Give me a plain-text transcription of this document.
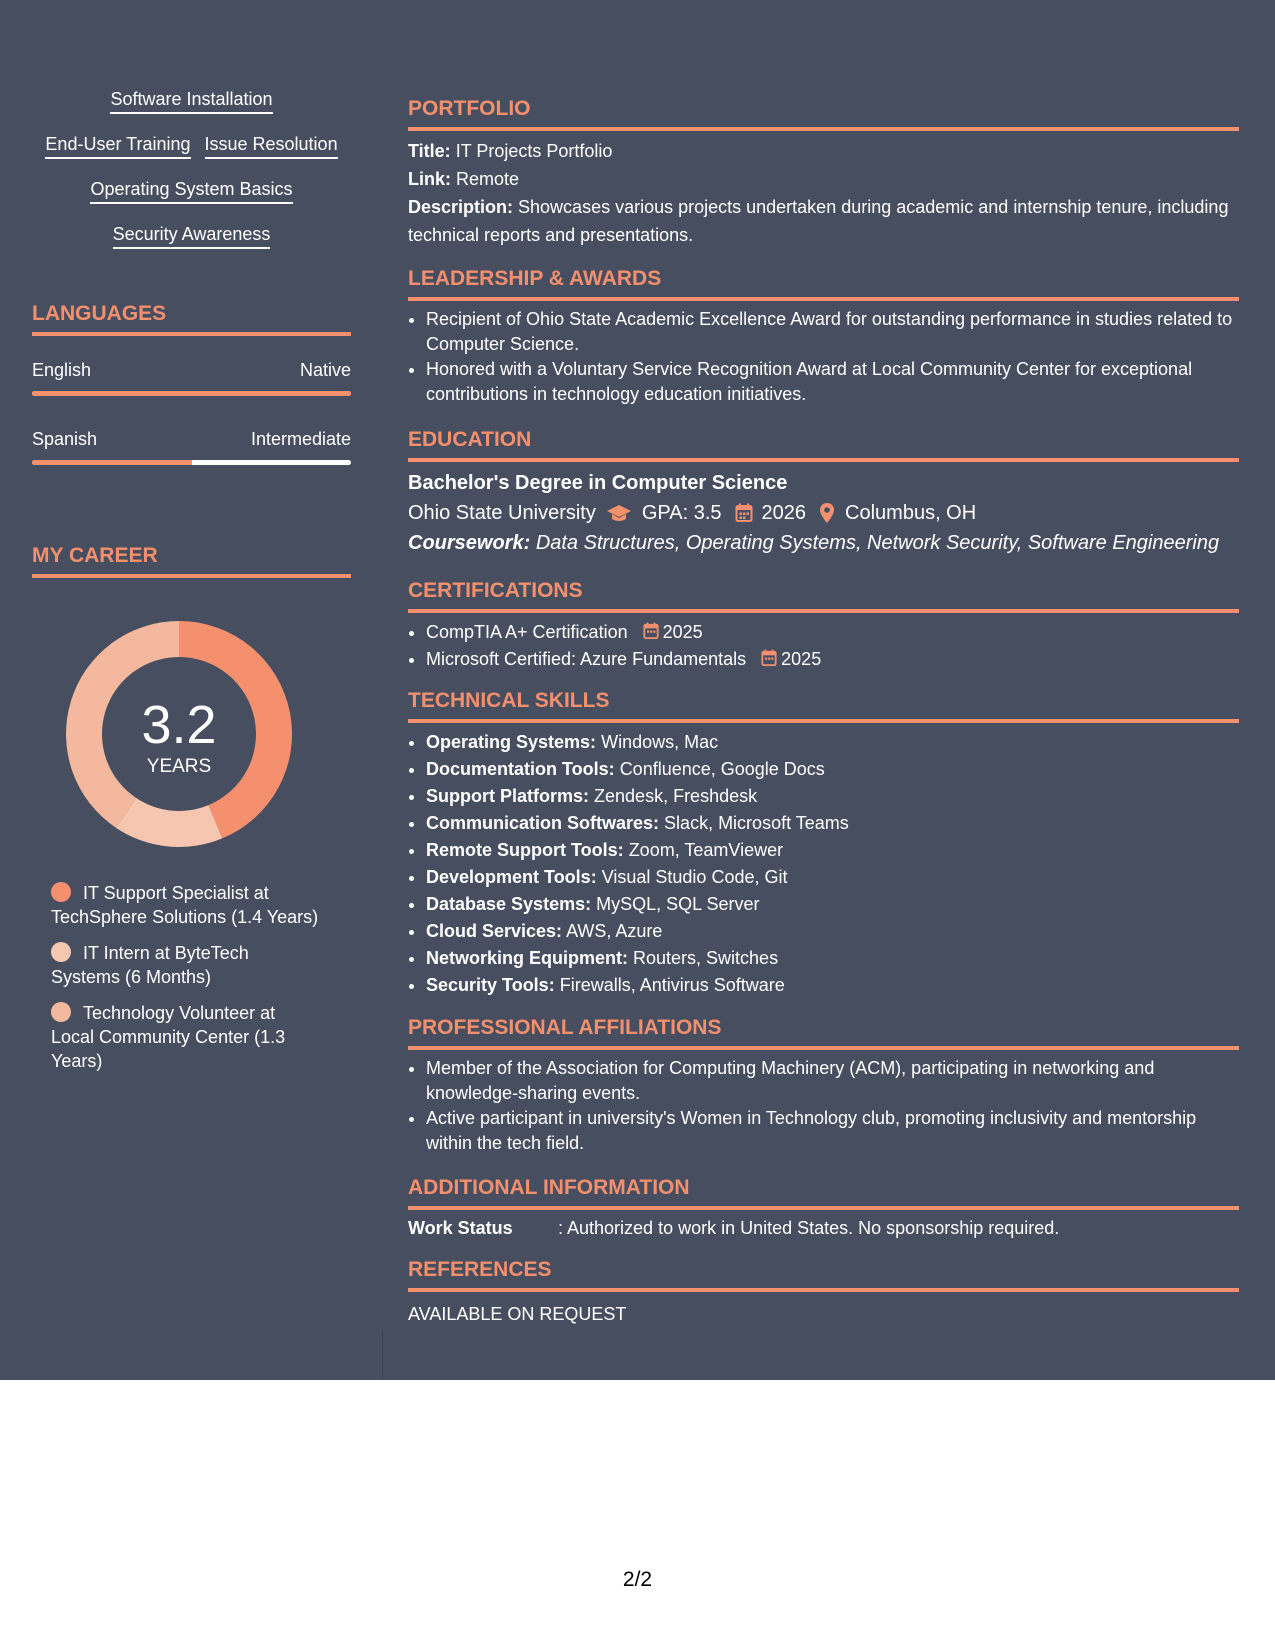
Software Installation
End-User Training Issue Resolution
Operating System Basics
Security Awareness
LANGUAGES
English	Native
Spanish	Intermediate
MY CAREER
3.2
YEARS
IT Support Specialist at TechSphere Solutions (1.4 Years)
IT Intern at ByteTech Systems (6 Months)
Technology Volunteer at Local Community Center (1.3 Years)
PORTFOLIO
Title: IT Projects Portfolio
Link: Remote
Description: Showcases various projects undertaken during academic and internship tenure, including technical reports and presentations.
LEADERSHIP & AWARDS
• Recipient of Ohio State Academic Excellence Award for outstanding performance in studies related to Computer Science.
• Honored with a Voluntary Service Recognition Award at Local Community Center for exceptional contributions in technology education initiatives.
EDUCATION
Bachelor's Degree in Computer Science
Ohio State University GPA: 3.5 2026 Columbus, OH
Coursework: Data Structures, Operating Systems, Network Security, Software Engineering
CERTIFICATIONS
• CompTIA A+ Certification 2025
• Microsoft Certified: Azure Fundamentals 2025
TECHNICAL SKILLS
• Operating Systems: Windows, Mac
• Documentation Tools: Confluence, Google Docs
• Support Platforms: Zendesk, Freshdesk
• Communication Softwares: Slack, Microsoft Teams
• Remote Support Tools: Zoom, TeamViewer
• Development Tools: Visual Studio Code, Git
• Database Systems: MySQL, SQL Server
• Cloud Services: AWS, Azure
• Networking Equipment: Routers, Switches
• Security Tools: Firewalls, Antivirus Software
PROFESSIONAL AFFILIATIONS
• Member of the Association for Computing Machinery (ACM), participating in networking and knowledge-sharing events.
• Active participant in university's Women in Technology club, promoting inclusivity and mentorship within the tech field.
ADDITIONAL INFORMATION
Work Status	: Authorized to work in United States. No sponsorship required.
REFERENCES
AVAILABLE ON REQUEST
2/2
